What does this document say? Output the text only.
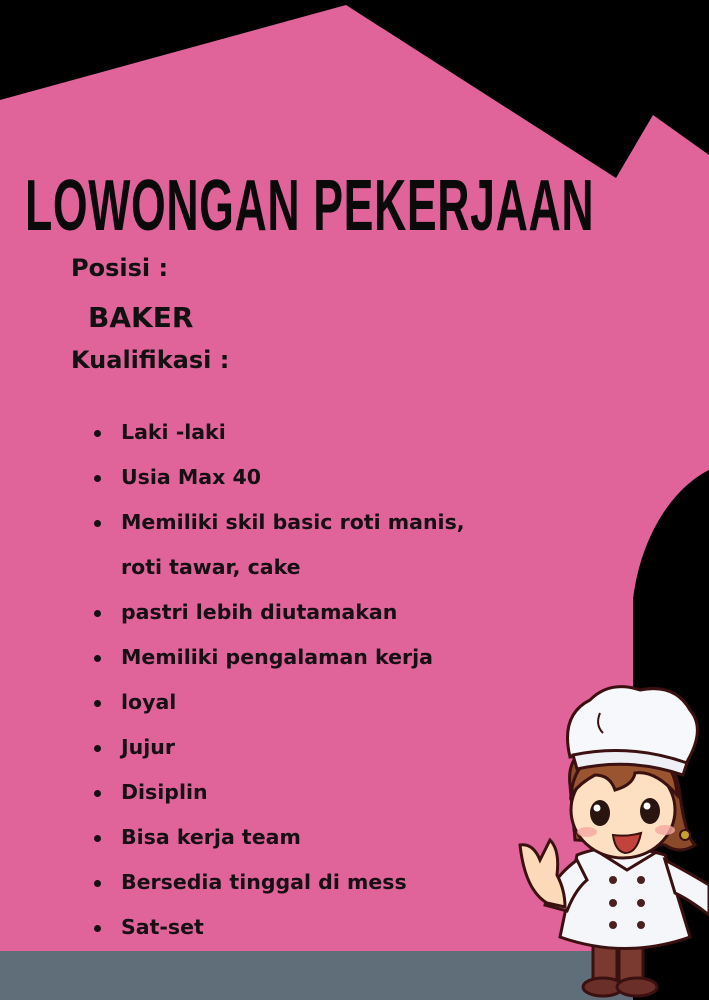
LOWONGAN PEKERJAAN
Posisi :
BAKER
Kualifikasi :
Laki -laki
Usia Max 40
Memiliki skil basic roti manis,
roti tawar, cake
pastri lebih diutamakan
Memiliki pengalaman kerja
loyal
Jujur
Disiplin
Bisa kerja team
Bersedia tinggal di mess
Sat-set
